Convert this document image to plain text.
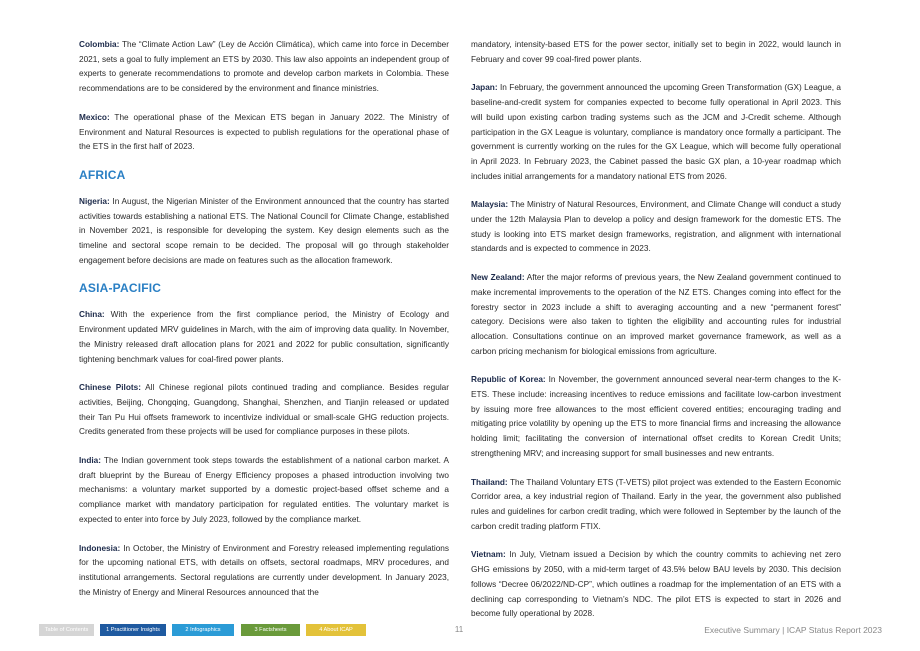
Colombia: The “Climate Action Law” (Ley de Acción Climática), which came into force in December 2021, sets a goal to fully implement an ETS by 2030. This law also appoints an independent group of experts to generate recommendations to promote and develop carbon markets in Colombia. These recommendations are to be considered by the environment and finance ministries.

Mexico: The operational phase of the Mexican ETS began in January 2022. The Ministry of Environment and Natural Resources is expected to publish regulations for the operational phase of the ETS in the first half of 2023.

AFRICA

Nigeria: In August, the Nigerian Minister of the Environment announced that the country has started activities towards establishing a national ETS. The National Council for Climate Change, established in November 2021, is responsible for developing the system. Key design elements such as the timeline and sectoral scope remain to be decided. The proposal will go through stakeholder engagement before decisions are made on features such as the allocation framework.

ASIA-PACIFIC

China: With the experience from the first compliance period, the Ministry of Ecology and Environment updated MRV guidelines in March, with the aim of improving data quality. In November, the Ministry released draft allocation plans for 2021 and 2022 for public consultation, significantly tightening benchmark values for coal-fired power plants.

Chinese Pilots: All Chinese regional pilots continued trading and compliance. Besides regular activities, Beijing, Chongqing, Guangdong, Shanghai, Shenzhen, and Tianjin released or updated their Tan Pu Hui offsets framework to incentivize individual or small-scale GHG reduction projects. Credits generated from these projects will be used for compliance purposes in these pilots.

India: The Indian government took steps towards the establishment of a national carbon market. A draft blueprint by the Bureau of Energy Efficiency proposes a phased introduction involving two mechanisms: a voluntary market supported by a domestic project-based offset scheme and a compliance market with mandatory participation for regulated entities. The voluntary market is expected to enter into force by July 2023, followed by the compliance market.

Indonesia: In October, the Ministry of Environment and Forestry released implementing regulations for the upcoming national ETS, with details on offsets, sectoral roadmaps, MRV procedures, and institutional arrangements. Sectoral regulations are currently under development. In January 2023, the Ministry of Energy and Mineral Resources announced that the

mandatory, intensity-based ETS for the power sector, initially set to begin in 2022, would launch in February and cover 99 coal-fired power plants.

Japan: In February, the government announced the upcoming Green Transformation (GX) League, a baseline-and-credit system for companies expected to become fully operational in April 2023. This will build upon existing carbon trading systems such as the JCM and J-Credit scheme. Although participation in the GX League is voluntary, compliance is mandatory once formally a participant. The government is currently working on the rules for the GX League, which will become fully operational in April 2023. In February 2023, the Cabinet passed the basic GX plan, a 10-year roadmap which includes initial arrangements for a mandatory national ETS from 2026.

Malaysia: The Ministry of Natural Resources, Environment, and Climate Change will conduct a study under the 12th Malaysia Plan to develop a policy and design framework for the domestic ETS. The study is looking into ETS market design frameworks, registration, and alignment with international standards and is expected to commence in 2023.

New Zealand: After the major reforms of previous years, the New Zealand government continued to make incremental improvements to the operation of the NZ ETS. Changes coming into effect for the forestry sector in 2023 include a shift to averaging accounting and a new “permanent forest” category. Decisions were also taken to tighten the eligibility and accounting rules for industrial allocation. Consultations continue on an improved market governance framework, as well as a carbon pricing mechanism for biological emissions from agriculture.

Republic of Korea: In November, the government announced several near-term changes to the K-ETS. These include: increasing incentives to reduce emissions and facilitate low-carbon investment by issuing more free allowances to the most efficient covered entities; encouraging trading and mitigating price volatility by opening up the ETS to more financial firms and increasing the allowance holding limit; facilitating the conversion of international offset credits to Korean Credit Units; strengthening MRV; and increasing support for small businesses and new entrants.

Thailand: The Thailand Voluntary ETS (T-VETS) pilot project was extended to the Eastern Economic Corridor area, a key industrial region of Thailand. Early in the year, the government also published rules and guidelines for carbon credit trading, which were followed in September by the launch of the carbon credit trading platform FTIX.

Vietnam: In July, Vietnam issued a Decision by which the country commits to achieving net zero GHG emissions by 2050, with a mid-term target of 43.5% below BAU levels by 2030. This decision follows “Decree 06/2022/ND-CP”, which outlines a roadmap for the implementation of an ETS with a declining cap corresponding to Vietnam’s NDC. The pilot ETS is expected to start in 2026 and become fully operational by 2028.

Table of Contents	1 Practitioner Insights	2 Infographics	3 Factsheets	4 About ICAP	11	Executive Summary | ICAP Status Report 2023
